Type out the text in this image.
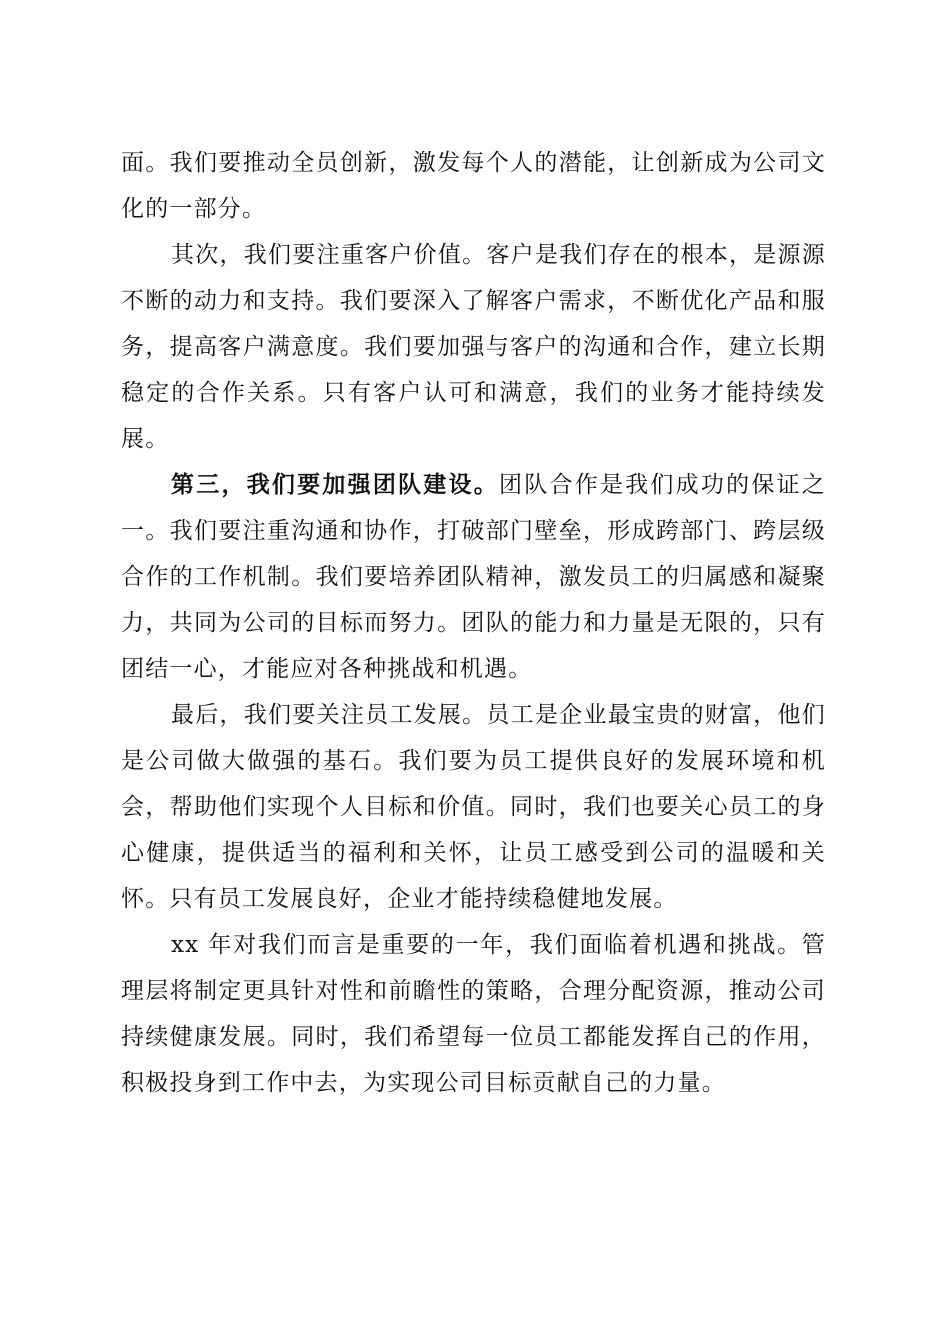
面。我们要推动全员创新，激发每个人的潜能，让创新成为公司文化的一部分。

其次，我们要注重客户价值。客户是我们存在的根本，是源源不断的动力和支持。我们要深入了解客户需求，不断优化产品和服务，提高客户满意度。我们要加强与客户的沟通和合作，建立长期稳定的合作关系。只有客户认可和满意，我们的业务才能持续发展。

第三，我们要加强团队建设。团队合作是我们成功的保证之一。我们要注重沟通和协作，打破部门壁垒，形成跨部门、跨层级合作的工作机制。我们要培养团队精神，激发员工的归属感和凝聚力，共同为公司的目标而努力。团队的能力和力量是无限的，只有团结一心，才能应对各种挑战和机遇。

最后，我们要关注员工发展。员工是企业最宝贵的财富，他们是公司做大做强的基石。我们要为员工提供良好的发展环境和机会，帮助他们实现个人目标和价值。同时，我们也要关心员工的身心健康，提供适当的福利和关怀，让员工感受到公司的温暖和关怀。只有员工发展良好，企业才能持续稳健地发展。

xx 年对我们而言是重要的一年，我们面临着机遇和挑战。管理层将制定更具针对性和前瞻性的策略，合理分配资源，推动公司持续健康发展。同时，我们希望每一位员工都能发挥自己的作用，积极投身到工作中去，为实现公司目标贡献自己的力量。
